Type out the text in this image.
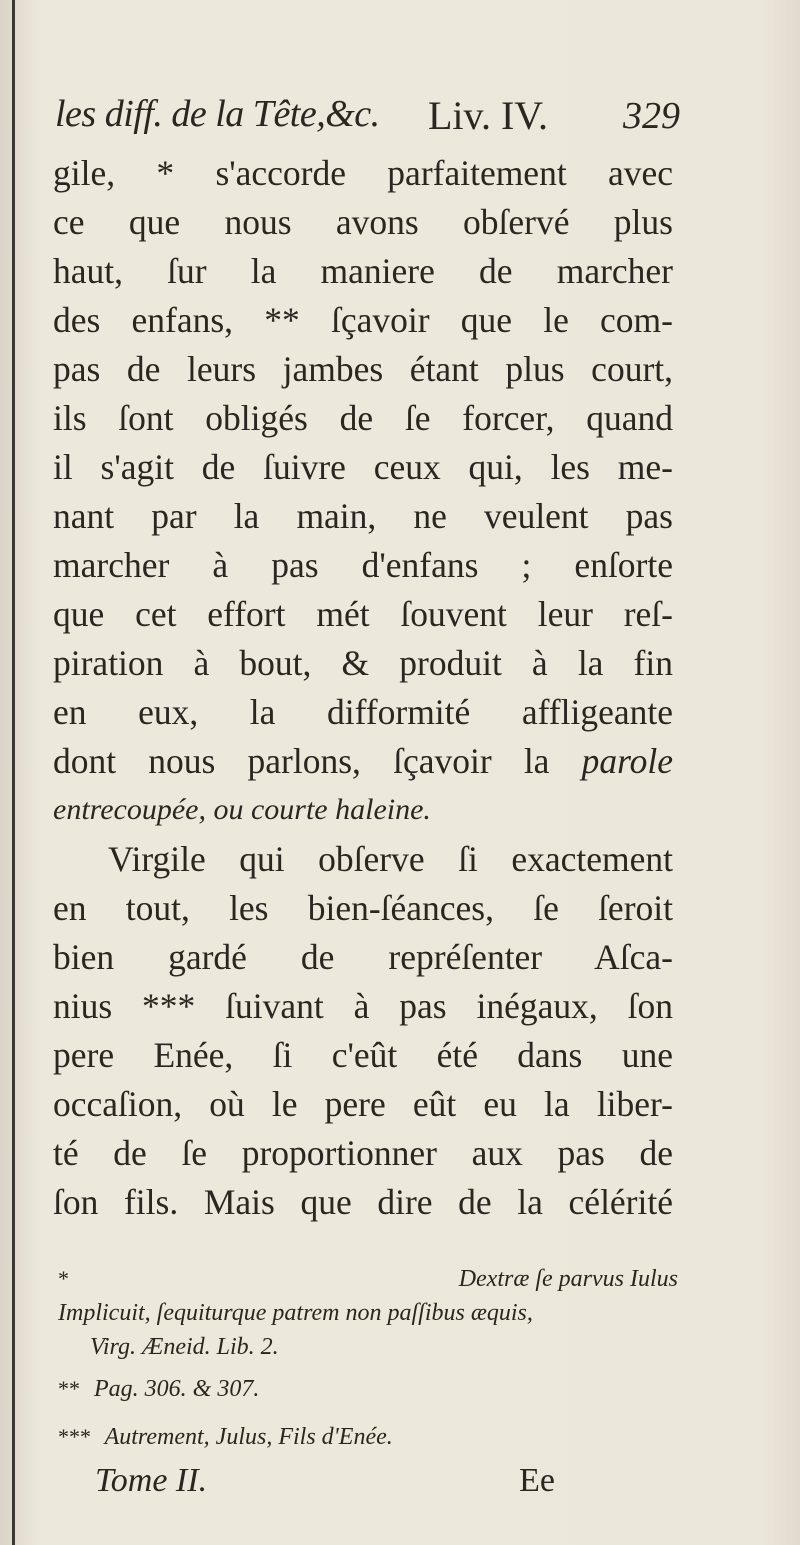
les diff. de la Tête,&c. Liv. IV. 329
gile, * s'accorde parfaitement avec
ce que nous avons obſervé plus
haut, ſur la maniere de marcher
des enfans, ** ſçavoir que le com-
pas de leurs jambes étant plus court,
ils ſont obligés de ſe forcer, quand
il s'agit de ſuivre ceux qui, les me-
nant par la main, ne veulent pas
marcher à pas d'enfans ; enſorte
que cet effort mét ſouvent leur reſ-
piration à bout, & produit à la fin
en eux, la difformité affligeante
dont nous parlons, ſçavoir la parole
entrecoupée, ou courte haleine.
Virgile qui obſerve ſi exactement
en tout, les bien-ſéances, ſe ſeroit
bien gardé de repréſenter Aſca-
nius *** ſuivant à pas inégaux, ſon
pere Enée, ſi c'eût été dans une
occaſion, où le pere eût eu la liber-
té de ſe proportionner aux pas de
ſon fils. Mais que dire de la célérité
*	Dextræ ſe parvus Iulus
Implicuit, ſequiturque patrem non paſſibus æquis,
Virg. Æneid. Lib. 2.
** Pag. 306. & 307.
Tome II.	Ee
*** Autrement, Julus, Fils d'Enée.
